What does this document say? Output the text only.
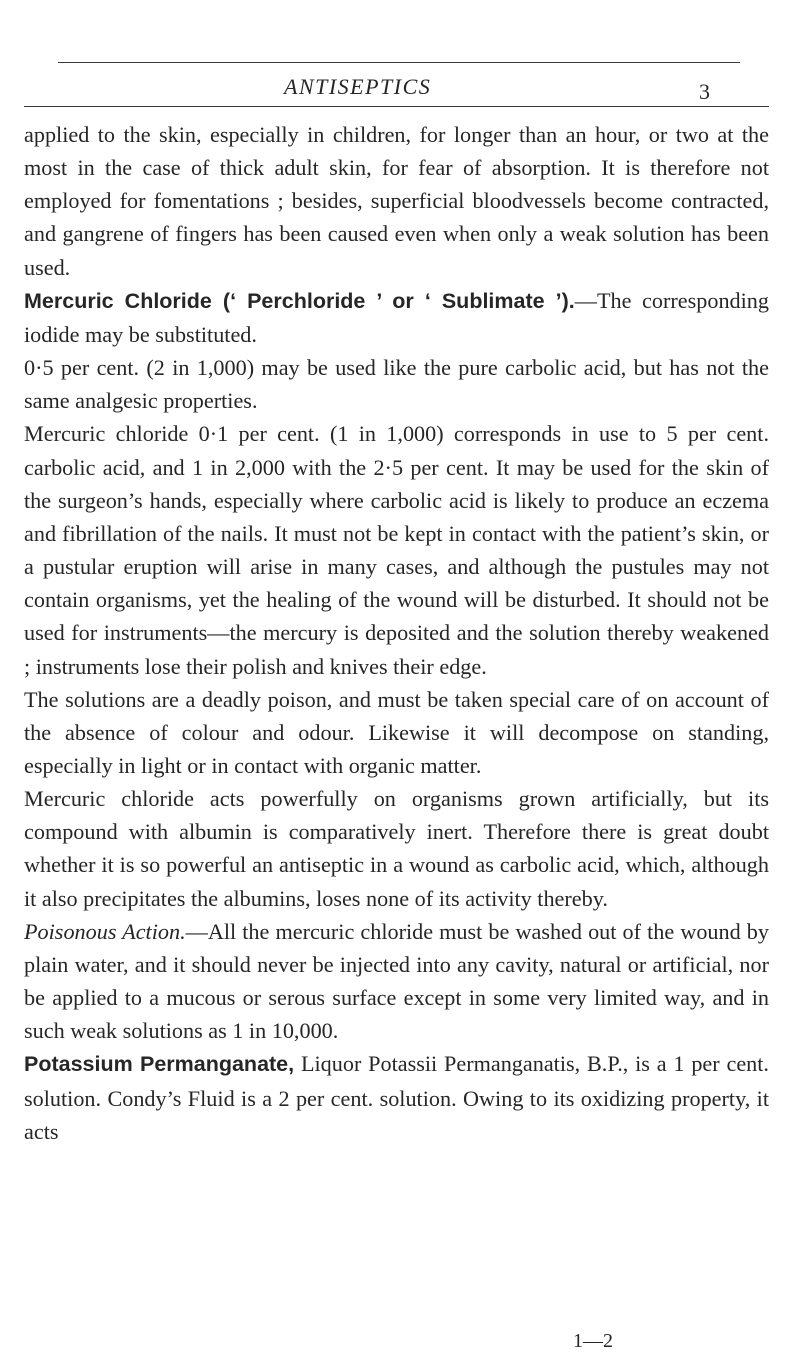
ANTISEPTICS	3

applied to the skin, especially in children, for longer than an hour, or two at the most in the case of thick adult skin, for fear of absorption. It is therefore not employed for fomentations ; besides, superficial bloodvessels become contracted, and gangrene of fingers has been caused even when only a weak solution has been used.

Mercuric Chloride (‘ Perchloride ’ or ‘ Sublimate ’).—The corresponding iodide may be substituted.

0·5 per cent. (2 in 1,000) may be used like the pure carbolic acid, but has not the same analgesic properties.

Mercuric chloride 0·1 per cent. (1 in 1,000) corresponds in use to 5 per cent. carbolic acid, and 1 in 2,000 with the 2·5 per cent. It may be used for the skin of the surgeon’s hands, especially where carbolic acid is likely to produce an eczema and fibrillation of the nails. It must not be kept in contact with the patient’s skin, or a pustular eruption will arise in many cases, and although the pustules may not contain organisms, yet the healing of the wound will be disturbed. It should not be used for instruments—the mercury is deposited and the solution thereby weakened ; instruments lose their polish and knives their edge.

The solutions are a deadly poison, and must be taken special care of on account of the absence of colour and odour. Likewise it will decompose on standing, especially in light or in contact with organic matter.

Mercuric chloride acts powerfully on organisms grown artificially, but its compound with albumin is comparatively inert. Therefore there is great doubt whether it is so powerful an antiseptic in a wound as carbolic acid, which, although it also precipitates the albumins, loses none of its activity thereby.

Poisonous Action.—All the mercuric chloride must be washed out of the wound by plain water, and it should never be injected into any cavity, natural or artificial, nor be applied to a mucous or serous surface except in some very limited way, and in such weak solutions as 1 in 10,000.

Potassium Permanganate, Liquor Potassii Permanganatis, B.P., is a 1 per cent. solution. Condy’s Fluid is a 2 per cent. solution. Owing to its oxidizing property, it acts

1—2
